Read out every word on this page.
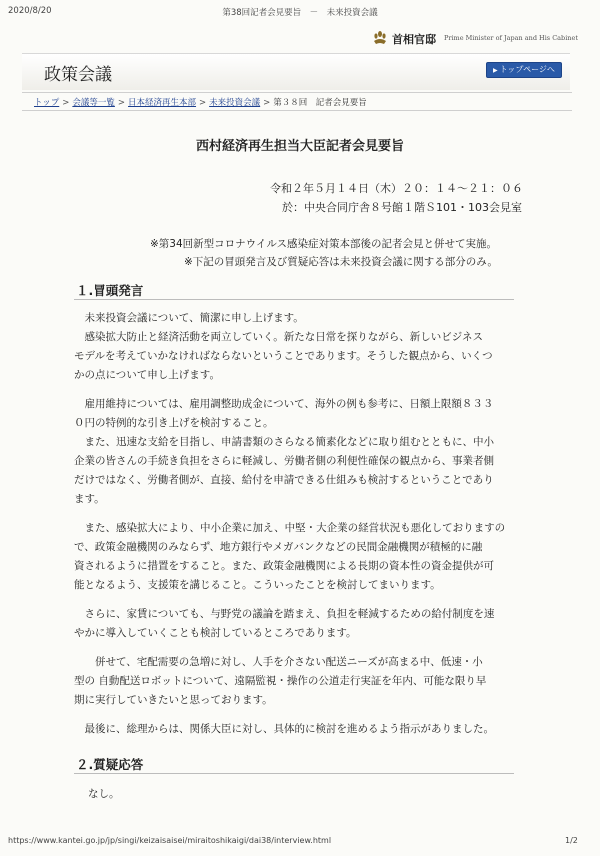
2020/8/20	第38回記者会見要旨　－　未来投資会議
首相官邸 Prime Minister of Japan and His Cabinet
政策会議	▶ トップページへ
トップ > 会議等一覧 > 日本経済再生本部 > 未来投資会議 > 第３８回　記者会見要旨
西村経済再生担当大臣記者会見要旨
令和２年５月１４日（木）２０：１４～２１：０６
於：中央合同庁舎８号館１階Ｓ101・103会見室
※第34回新型コロナウイルス感染症対策本部後の記者会見と併せて実施。
※下記の冒頭発言及び質疑応答は未来投資会議に関する部分のみ。
１.冒頭発言
　未来投資会議について、簡潔に申し上げます。
　感染拡大防止と経済活動を両立していく。新たな日常を探りながら、新しいビジネス
モデルを考えていかなければならないということであります。そうした観点から、いくつ
かの点について申し上げます。
　雇用維持については、雇用調整助成金について、海外の例も参考に、日額上限額８３３
０円の特例的な引き上げを検討すること。
　また、迅速な支給を目指し、申請書類のさらなる簡素化などに取り組むとともに、中小
企業の皆さんの手続き負担をさらに軽減し、労働者側の利便性確保の観点から、事業者側
だけではなく、労働者側が、直接、給付を申請できる仕組みも検討するということであり
ます。
　また、感染拡大により、中小企業に加え、中堅・大企業の経営状況も悪化しておりますの
で、政策金融機関のみならず、地方銀行やメガバンクなどの民間金融機関が積極的に融
資されるように措置をすること。また、政策金融機関による長期の資本性の資金提供が可
能となるよう、支援策を講じること。こういったことを検討してまいります。
　さらに、家賃についても、与野党の議論を踏まえ、負担を軽減するための給付制度を速
やかに導入していくことも検討しているところであります。
　　併せて、宅配需要の急増に対し、人手を介さない配送ニーズが高まる中、低速・小
型の 自動配送ロボットについて、遠隔監視・操作の公道走行実証を年内、可能な限り早
期に実行していきたいと思っております。
　最後に、総理からは、関係大臣に対し、具体的に検討を進めるよう指示がありました。
２.質疑応答
なし。
https://www.kantei.go.jp/jp/singi/keizaisaisei/miraitoshikaigi/dai38/interview.html	1/2
